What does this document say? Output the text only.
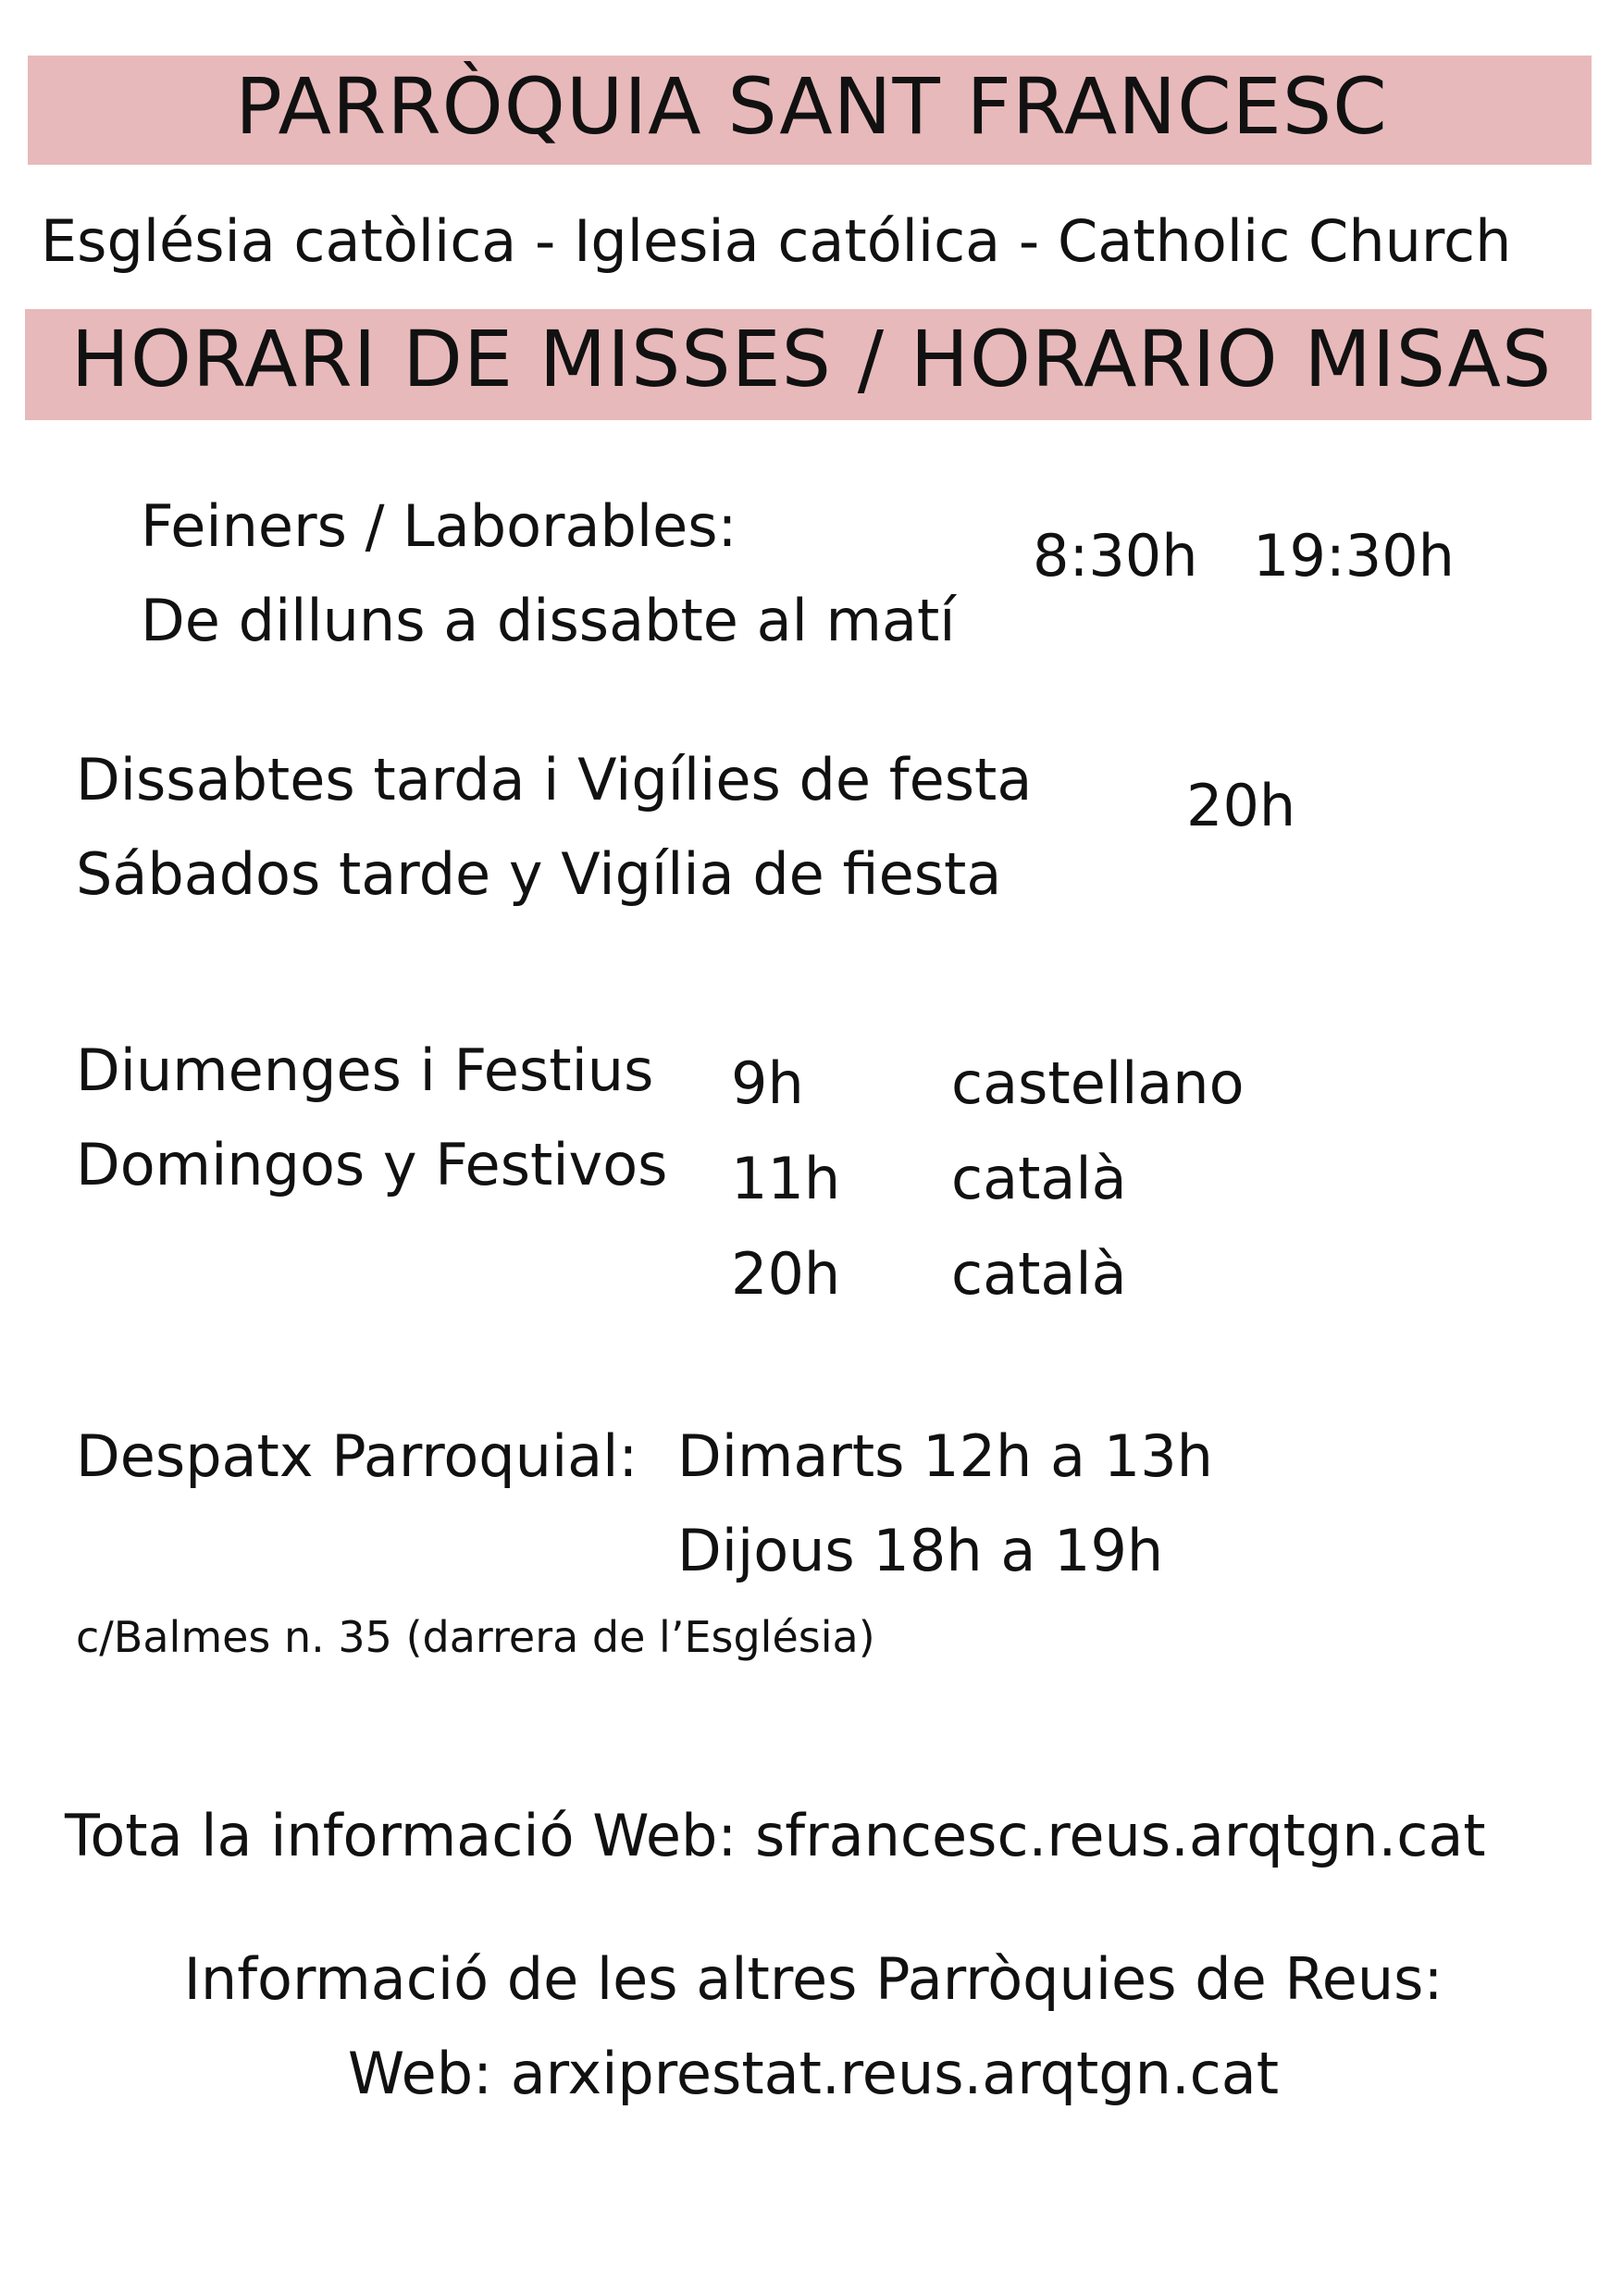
PARRÒQUIA SANT FRANCESC
Església catòlica - Iglesia católica - Catholic Church
HORARI DE MISSES / HORARIO MISAS
Feiners / Laborables:
De dilluns a dissabte al matí
8:30h 19:30h
Dissabtes tarda i Vigílies de festa
Sábados tarde y Vigília de fiesta
20h
Diumenges i Festius
Domingos y Festivos
9h	castellano
11h català
20h català
Despatx Parroquial: Dimarts 12h a 13h
Dijous 18h a 19h
c/Balmes n. 35 (darrera de l’Església)
Tota la informació Web: sfrancesc.reus.arqtgn.cat
Informació de les altres Parròquies de Reus:
Web: arxiprestat.reus.arqtgn.cat
